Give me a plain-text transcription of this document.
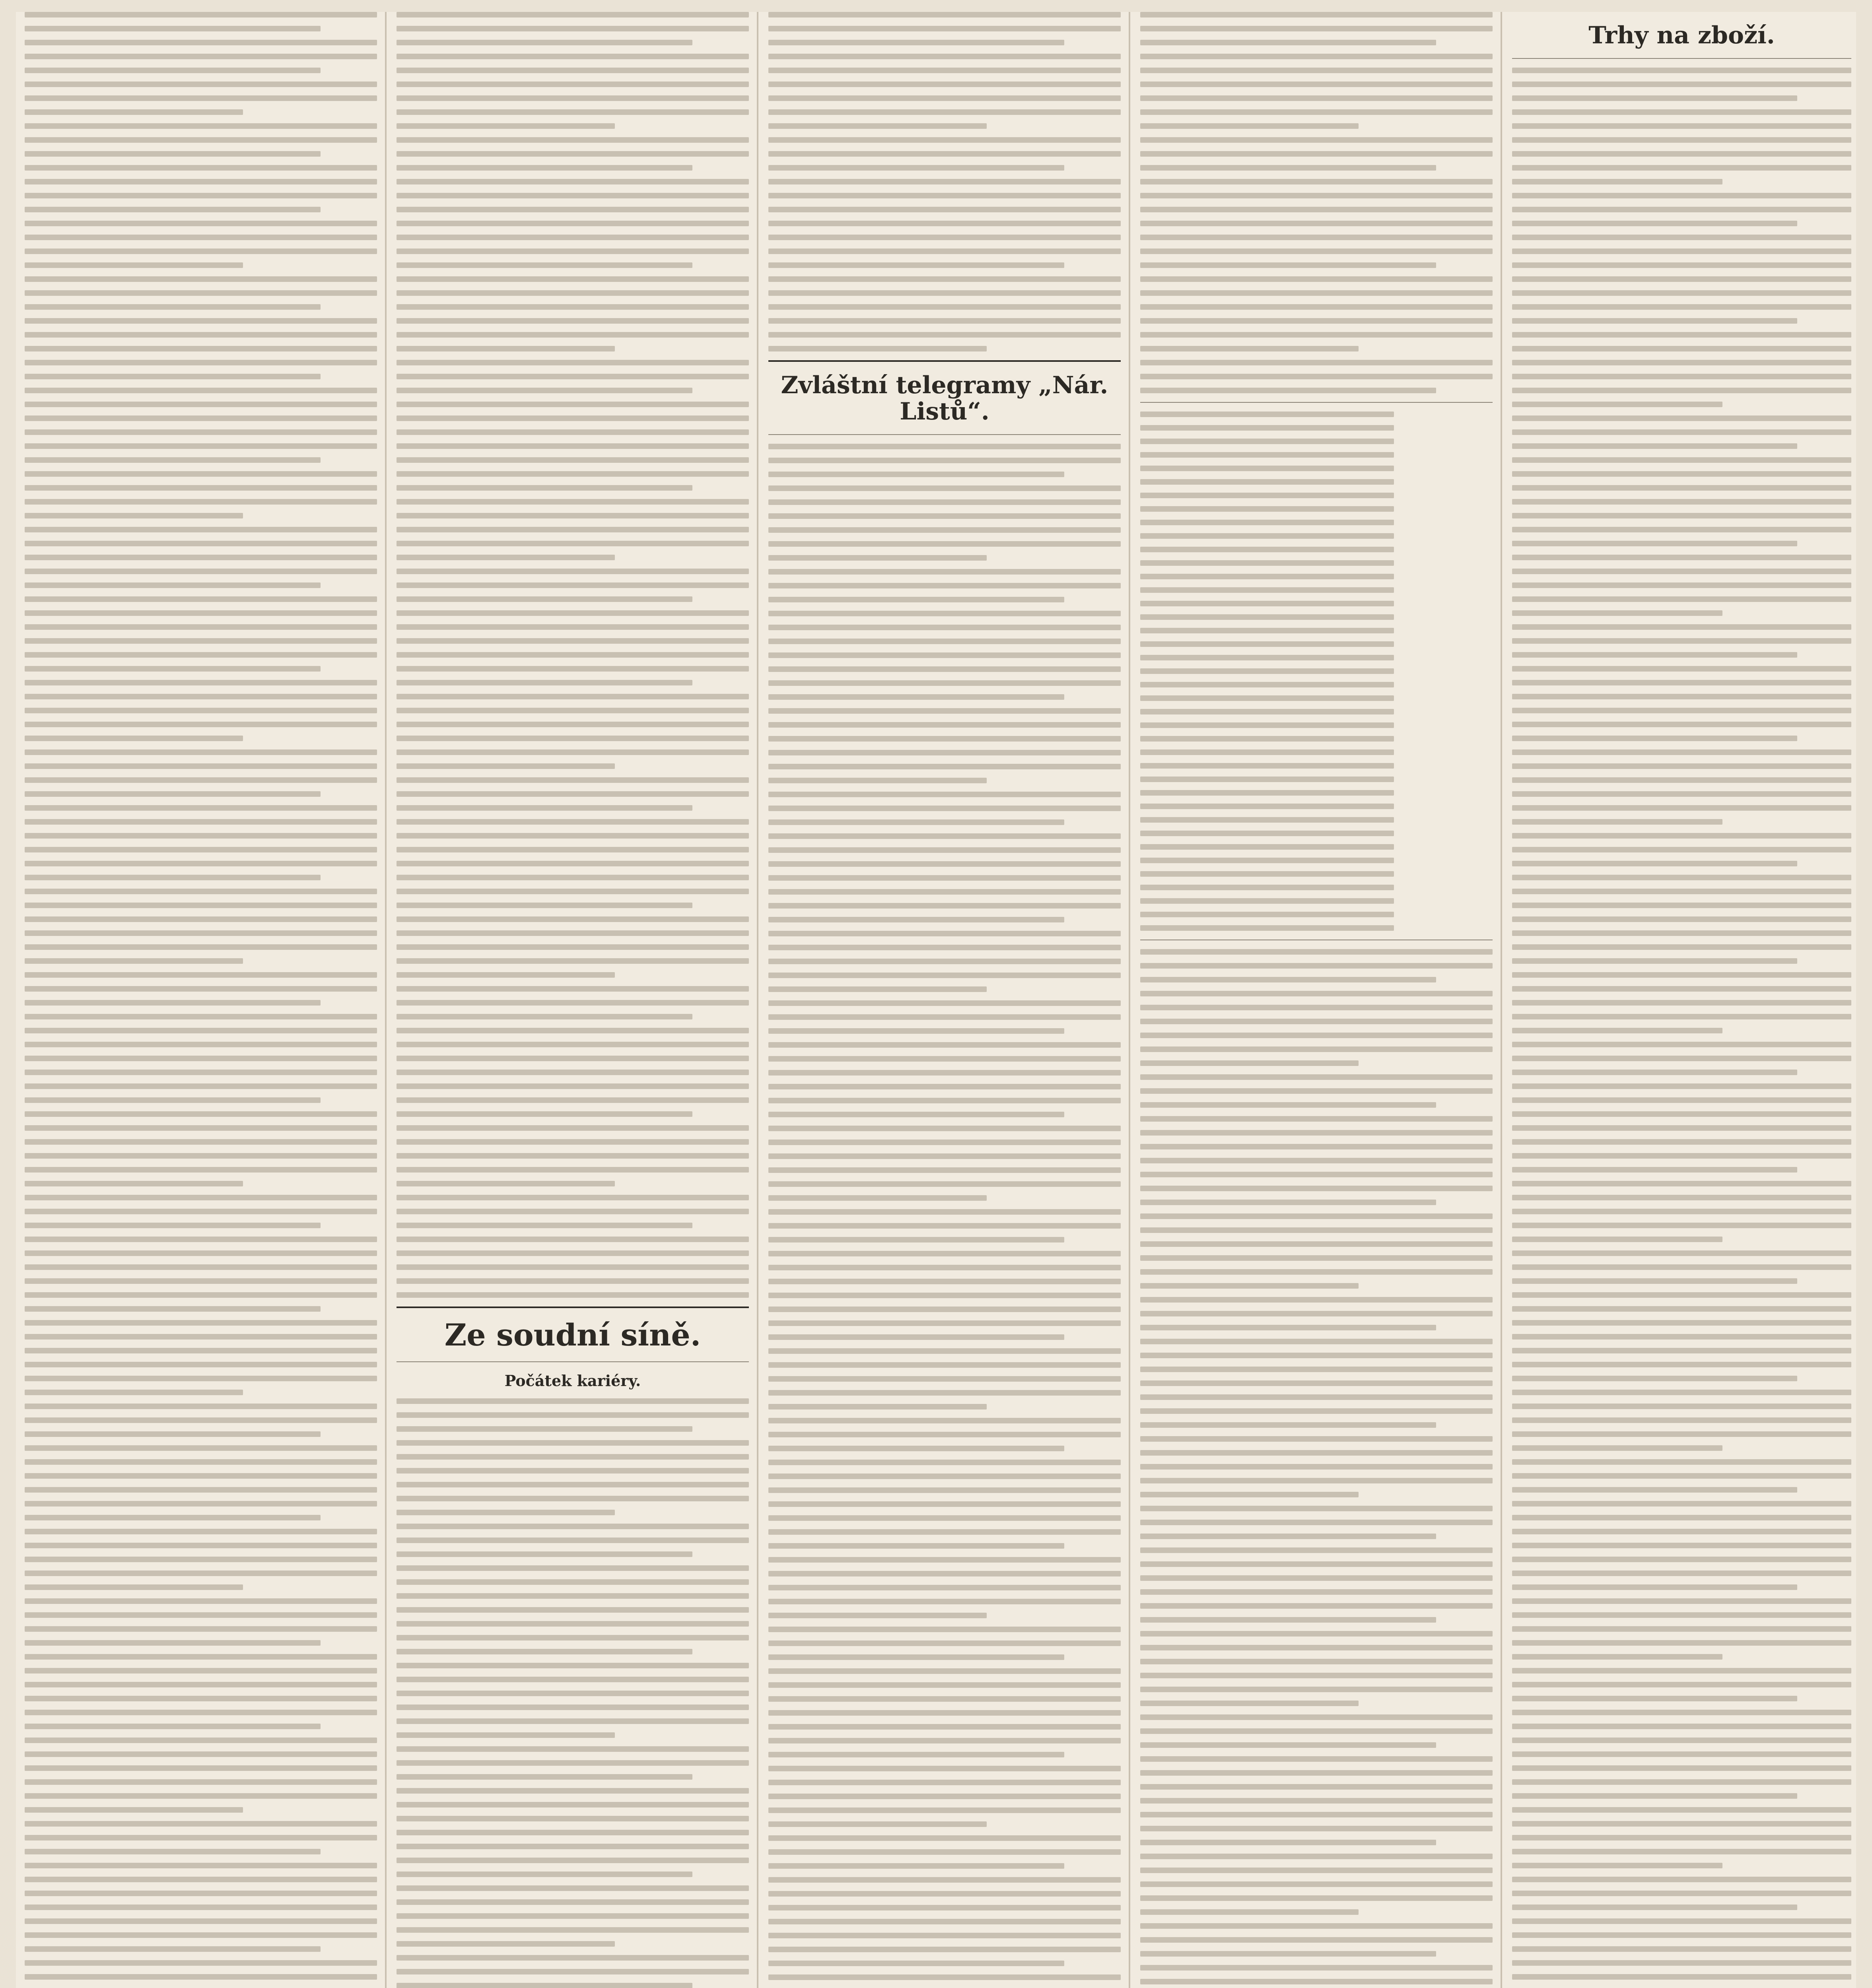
Ze soudní síně.
Počátek kariéry.
Zvláštní telegramy „Nár. Listů“.
Trhy na zboží.
